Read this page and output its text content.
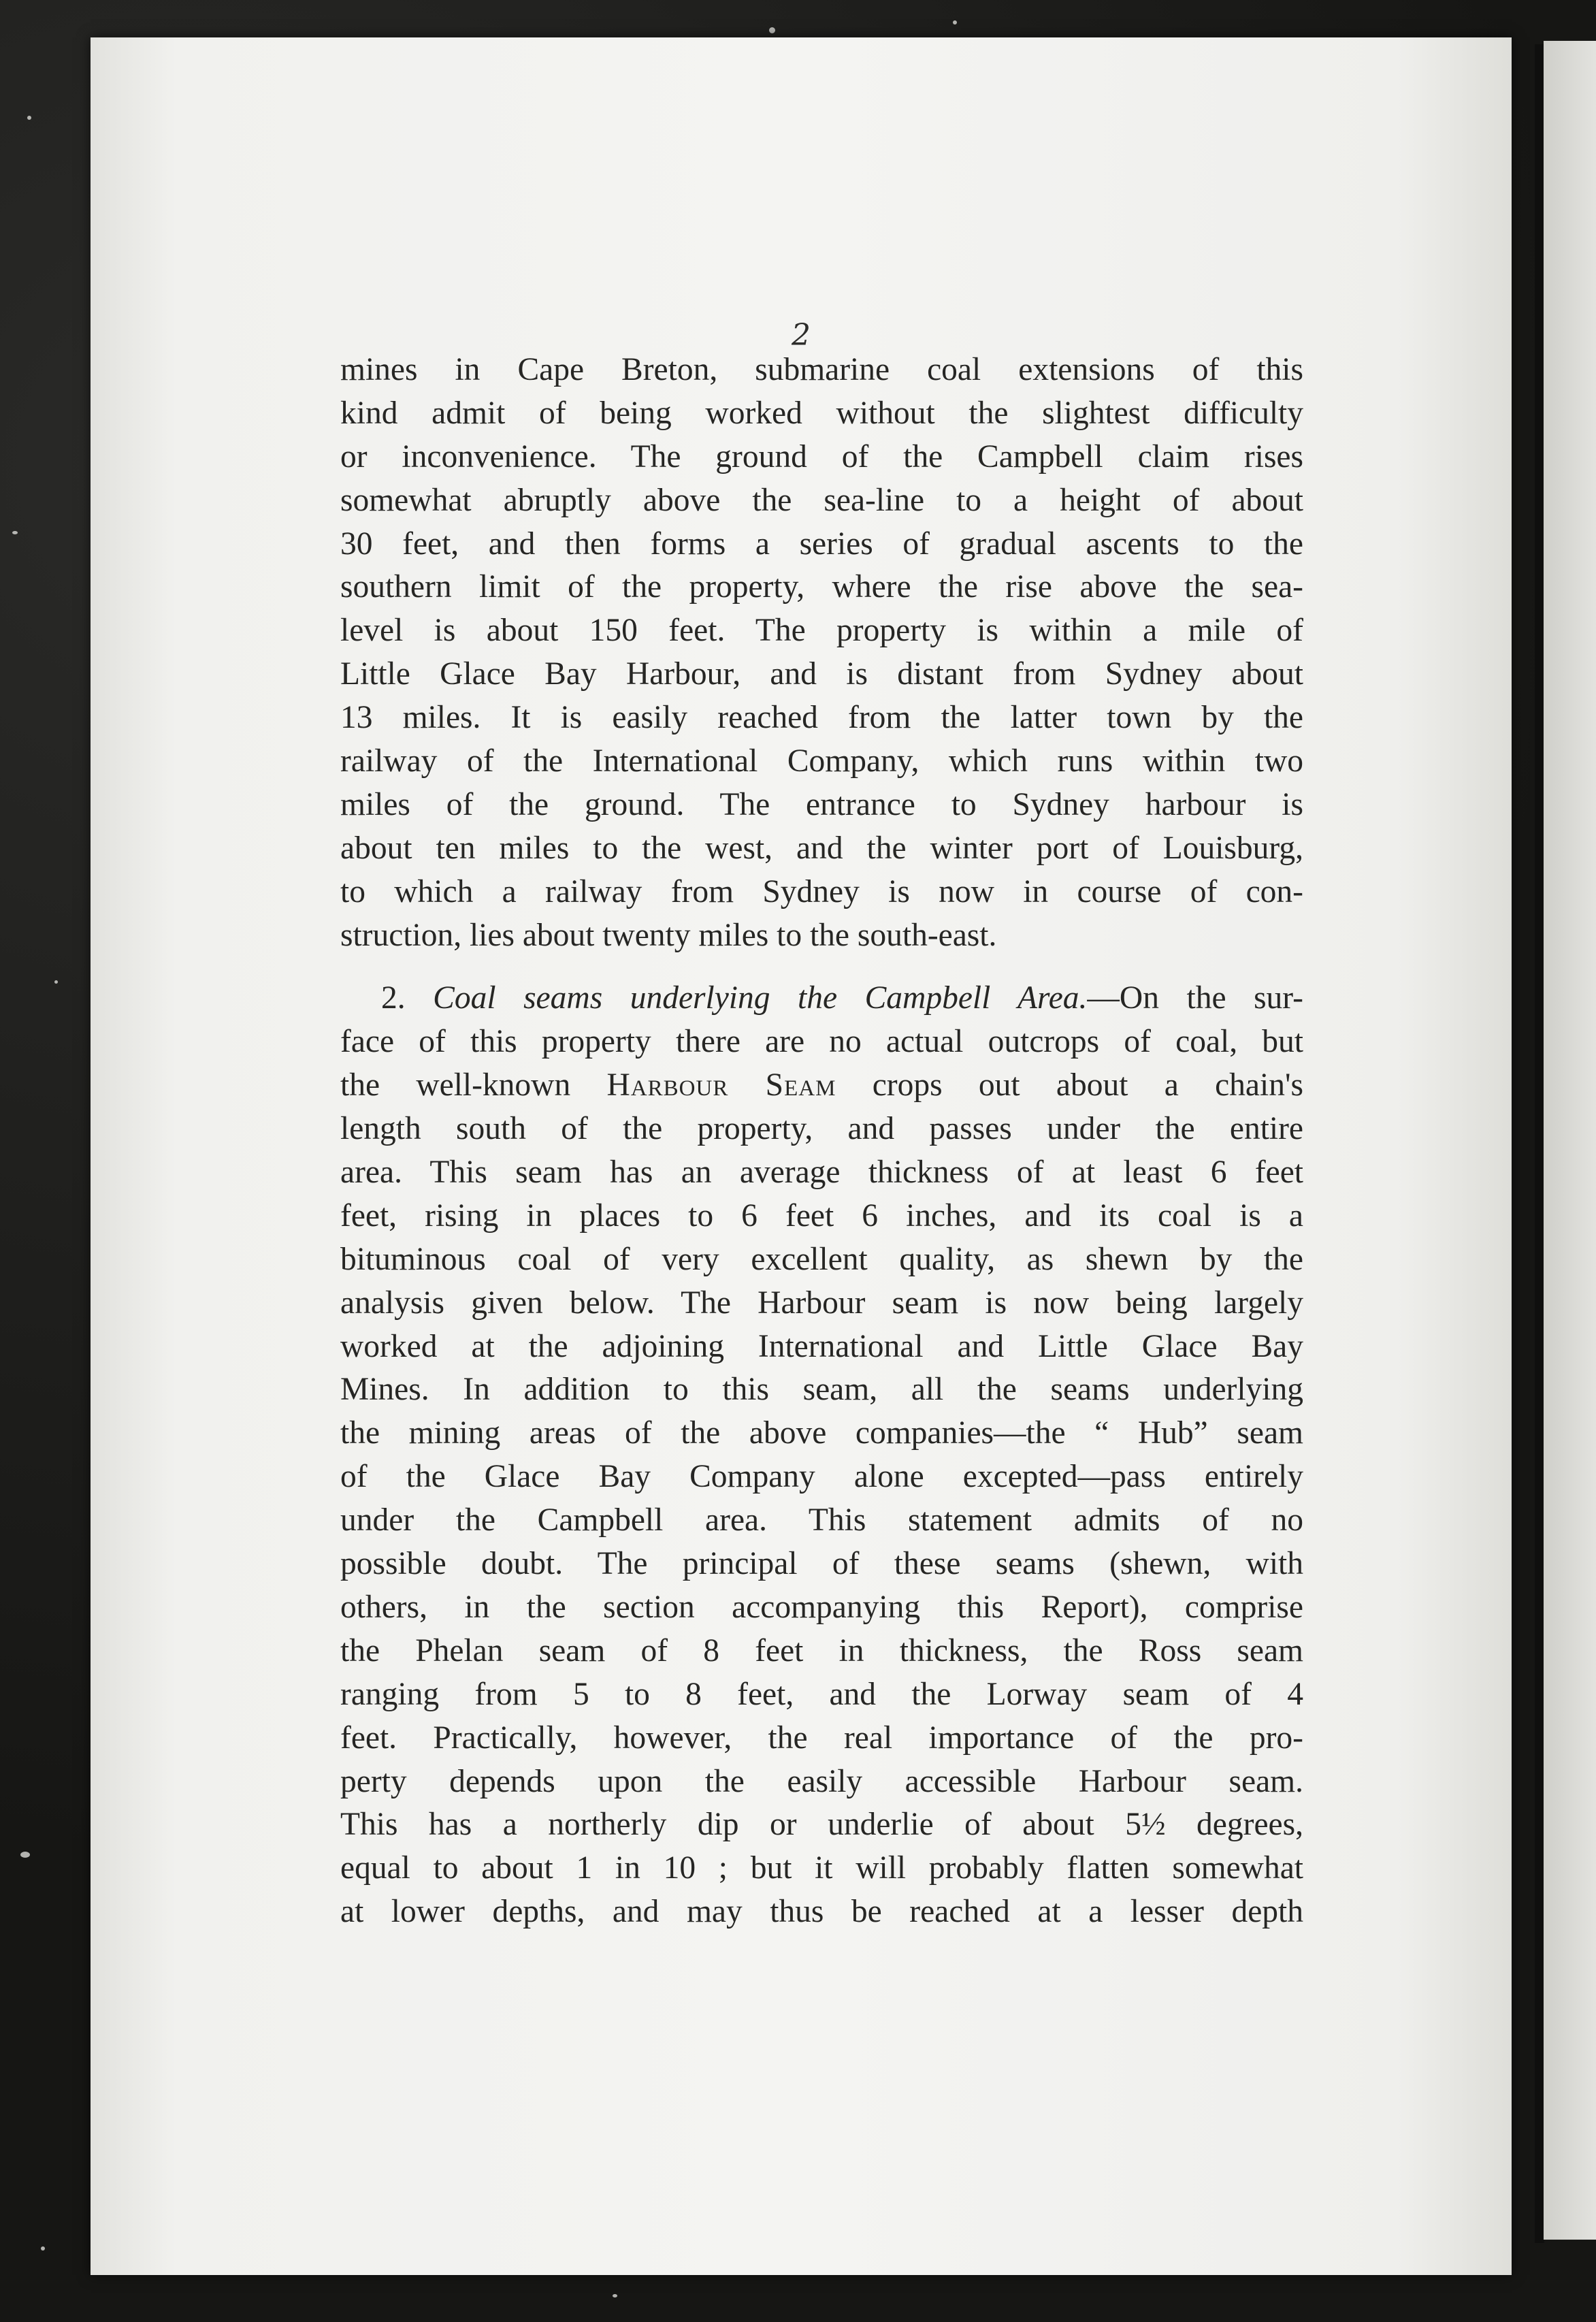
2
mines in Cape Breton, submarine coal extensions of this
kind admit of being worked without the slightest difficulty
or inconvenience. The ground of the Campbell claim rises
somewhat abruptly above the sea-line to a height of about
30 feet, and then forms a series of gradual ascents to the
southern limit of the property, where the rise above the sea-
level is about 150 feet. The property is within a mile of
Little Glace Bay Harbour, and is distant from Sydney about
13 miles. It is easily reached from the latter town by the
railway of the International Company, which runs within two
miles of the ground. The entrance to Sydney harbour is
about ten miles to the west, and the winter port of Louisburg,
to which a railway from Sydney is now in course of con-
struction, lies about twenty miles to the south-east.
2. Coal seams underlying the Campbell Area.—On the sur-
face of this property there are no actual outcrops of coal, but
the well-known Harbour Seam crops out about a chain's
length south of the property, and passes under the entire
area. This seam has an average thickness of at least 6 feet
feet, rising in places to 6 feet 6 inches, and its coal is a
bituminous coal of very excellent quality, as shewn by the
analysis given below. The Harbour seam is now being largely
worked at the adjoining International and Little Glace Bay
Mines. In addition to this seam, all the seams underlying
the mining areas of the above companies—the “ Hub” seam
of the Glace Bay Company alone excepted—pass entirely
under the Campbell area. This statement admits of no
possible doubt. The principal of these seams (shewn, with
others, in the section accompanying this Report), comprise
the Phelan seam of 8 feet in thickness, the Ross seam
ranging from 5 to 8 feet, and the Lorway seam of 4
feet. Practically, however, the real importance of the pro-
perty depends upon the easily accessible Harbour seam.
This has a northerly dip or underlie of about 5½ degrees,
equal to about 1 in 10 ; but it will probably flatten somewhat
at lower depths, and may thus be reached at a lesser depth
